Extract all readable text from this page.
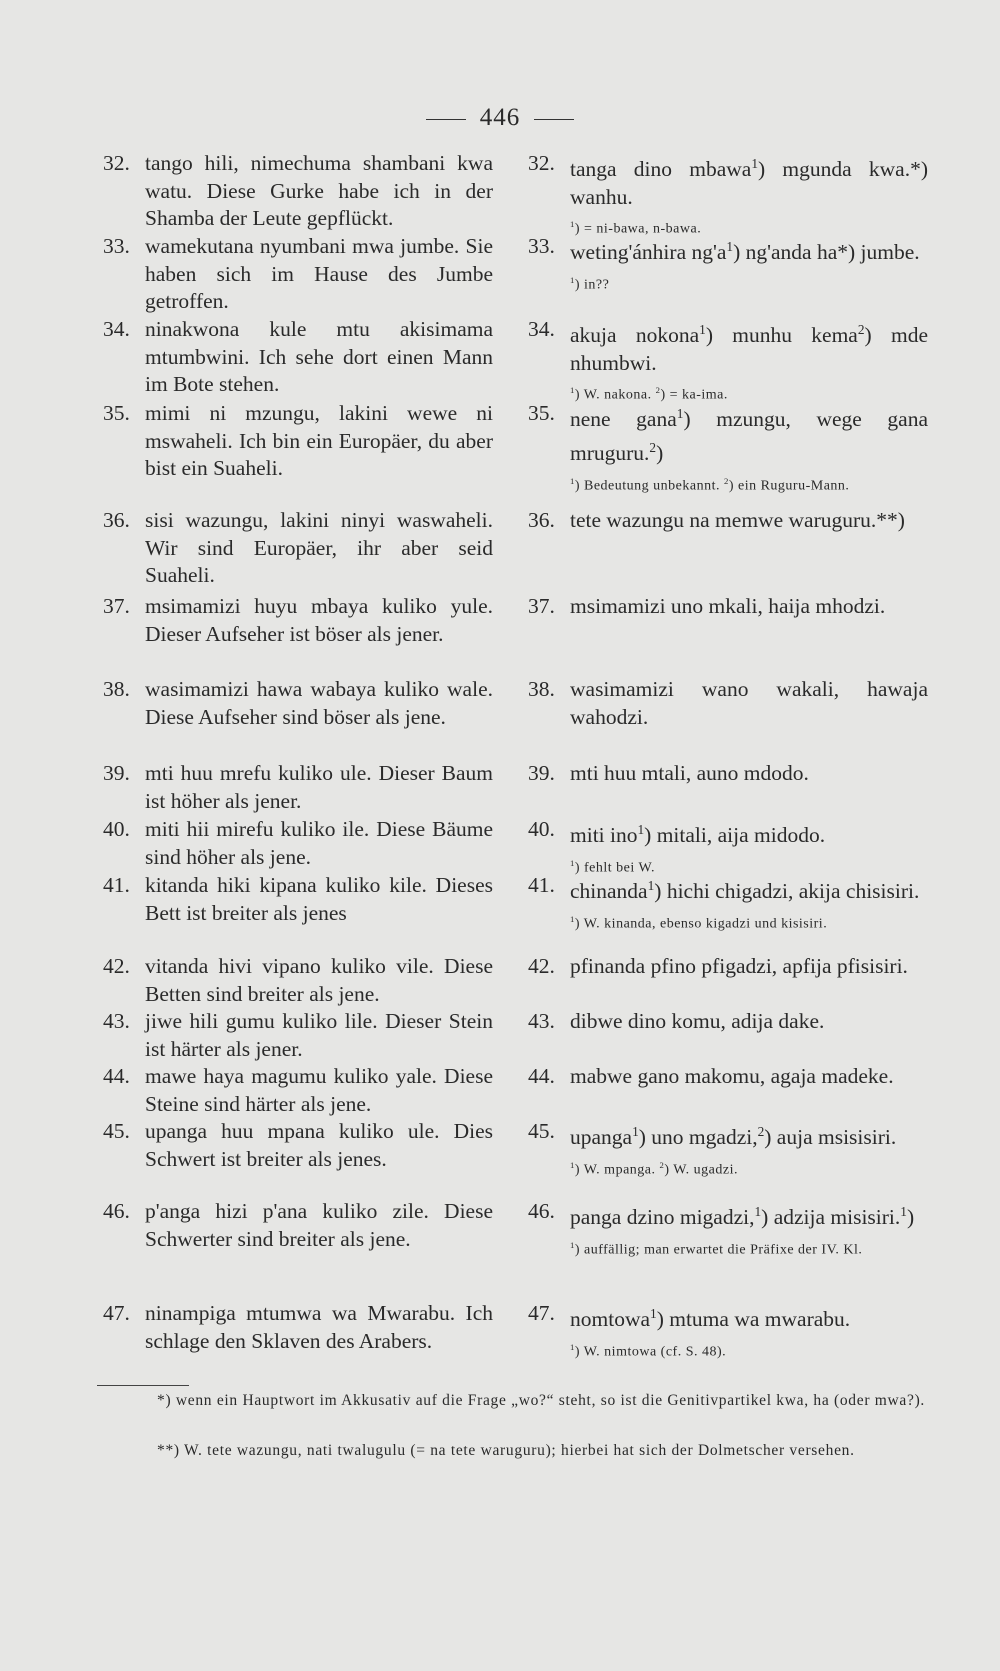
446
32. tango hili, nimechuma shambani kwa watu. Diese Gurke habe ich in der Shamba der Leute gepflückt.
33. wamekutana nyumbani mwa jumbe. Sie haben sich im Hause des Jumbe getroffen.
34. ninakwona kule mtu akisimama mtumbwini. Ich sehe dort einen Mann im Bote stehen.
35. mimi ni mzungu, lakini wewe ni mswaheli. Ich bin ein Europäer, du aber bist ein Suaheli.
36. sisi wazungu, lakini ninyi waswaheli. Wir sind Europäer, ihr aber seid Suaheli.
37. msimamizi huyu mbaya kuliko yule. Dieser Aufseher ist böser als jener.
38. wasimamizi hawa wabaya kuliko wale. Diese Aufseher sind böser als jene.
39. mti huu mrefu kuliko ule. Dieser Baum ist höher als jener.
40. miti hii mirefu kuliko ile. Diese Bäume sind höher als jene.
41. kitanda hiki kipana kuliko kile. Dieses Bett ist breiter als jenes
42. vitanda hivi vipano kuliko vile. Diese Betten sind breiter als jene.
43. jiwe hili gumu kuliko lile. Dieser Stein ist härter als jener.
44. mawe haya magumu kuliko yale. Diese Steine sind härter als jene.
45. upanga huu mpana kuliko ule. Dies Schwert ist breiter als jenes.
46. p'anga hizi p'ana kuliko zile. Diese Schwerter sind breiter als jene.
47. ninampiga mtumwa wa Mwarabu. Ich schlage den Sklaven des Arabers.
32. tanga dino mbawa$^1$) mgunda kwa.*) wanhu.
$^1$) = ni-bawa, n-bawa.
33. weting'ánhira $ng'a^1$) ng'anda ha*) jumbe.
$^1$) in??
34. akuja nokona$^1$) munhu kema$^2$) mde nhumbwi.
$^1$) W. nakona. $^2$) = ka-ima.
35. nene gana$^1$) mzungu, wege gana mruguru.$^2$)
$^1$) Bedeutung unbekannt. $^2$) ein Ruguru-Mann.
36. tete wazungu na memwe waruguru.**)
37. msimamizi uno mkali, haija mhodzi.
38. wasimamizi wano wakali, hawaja wahodzi.
39. mti huu mtali, auno mdodo.
40. miti ino$^1$) mitali, aija midodo.
$^1$) fehlt bei W.
41. chinanda$^1$) hichi chigadzi, akija chisisiri.
$^1$) W. kinanda, ebenso kigadzi und kisisiri.
42. pfinanda pfino pfigadzi, apfija pfisisiri.
43. dibwe dino komu, adija dake.
44. mabwe gano makomu, agaja madeke.
45. upanga$^1$) uno mgadzi,$^2$) auja msisisiri.
$^1$) W. mpanga. $^2$) W. ugadzi.
46. panga dzino migadzi,$^1$) adzija misisiri.$^1$)
$^1$) auffällig; man erwartet die Präfixe der IV. Kl.
47. nomtowa$^1$) mtuma wa mwarabu.
$^1$) W. nimtowa (cf. S. 48).
*) wenn ein Hauptwort im Akkusativ auf die Frage „wo?“ steht, so ist die Genitivpartikel kwa, ha (oder mwa?).
**) W. tete wazungu, nati twalugulu (= na tete waruguru); hierbei hat sich der Dolmetscher versehen.
